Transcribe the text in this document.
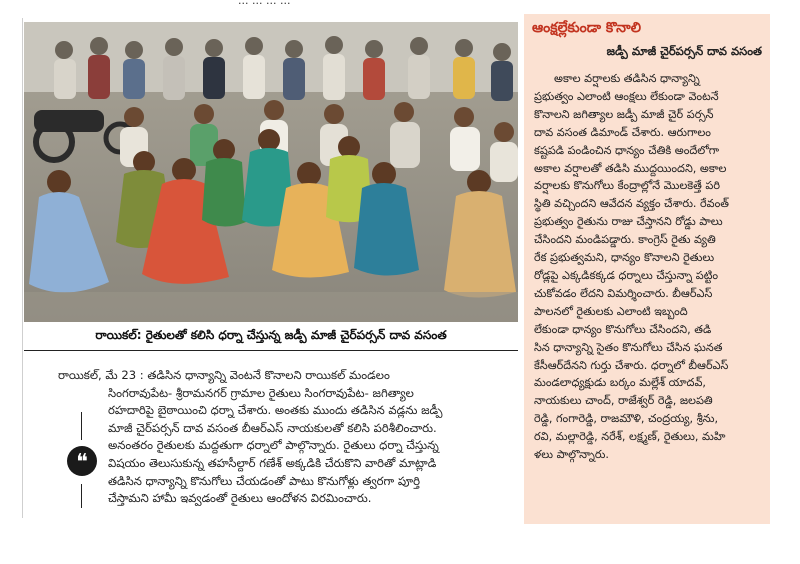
రాయికల్: రైతులతో కలిసి ధర్నా చేస్తున్న జడ్పీ మాజీ చైర్‌పర్సన్ దావ వసంత
❝

రాయికల్, మే 23 : తడిసిన ధాన్యాన్ని వెంటనే కొనాలని రాయికల్ మండలం

సింగరావుపేట- శ్రీరామనగర్ గ్రామాల రైతులు సింగరావుపేట- జగిత్యాల

రహదారిపై బైఠాయించి ధర్నా చేశారు. అంతకు ముందు తడిసిన వడ్లను జడ్పీ

మాజీ చైర్‌పర్సన్ దావ వసంత బీఆర్‌ఎస్ నాయకులతో కలిసి పరిశీలించారు.

అనంతరం రైతులకు మద్దతుగా ధర్నాలో పాల్గొన్నారు. రైతులు ధర్నా చేస్తున్న

విషయం తెలుసుకున్న తహసీల్దార్ గణేశ్ అక్కడికి చేరుకొని వారితో మాట్లాడి

తడిసిన ధాన్యాన్ని కొనుగోలు చేయడంతో పాటు కొనుగోళ్లు త్వరగా పూర్తి

చేస్తామని హామీ ఇవ్వడంతో రైతులు ఆందోళన విరమించారు.

ఆంక్షల్లేకుండా కొనాలి
జడ్పీ మాజీ చైర్‌పర్సన్ దావ వసంత

అకాల వర్షాలకు తడిసిన ధాన్యాన్ని

ప్రభుత్వం ఎలాంటి ఆంక్షలు లేకుండా వెంటనే

కొనాలని జగిత్యాల జడ్పీ మాజీ చైర్ పర్సన్

దావ వసంత డిమాండ్ చేశారు. ఆరుగాలం

కష్టపడి పండించిన ధాన్యం చేతికి అందేలోగా

అకాల వర్షాలతో తడిసి ముద్దయిందని, అకాల

వర్షాలకు కొనుగోలు కేంద్రాల్లోనే మొలకెత్తే పరి

స్థితి వచ్చిందని ఆవేదన వ్యక్తం చేశారు. రేవంత్

ప్రభుత్వం రైతును రాజు చేస్తానని రోడ్డు పాలు

చేసిందని మండిపడ్డారు. కాంగ్రెస్ రైతు వ్యతి

రేక ప్రభుత్వమని, ధాన్యం కొనాలని రైతులు

రోడ్లపై ఎక్కడికక్కడ ధర్నాలు చేస్తున్నా పట్టిం

చుకోవడం లేదని విమర్శించారు. బీఆర్‌ఎస్

పాలనలో రైతులకు ఎలాంటి ఇబ్బంది

లేకుండా ధాన్యం కొనుగోలు చేసిందని, తడి

సిన ధాన్యాన్ని సైతం కొనుగోలు చేసిన ఘనత

కేసీఆర్‌దేనని గుర్తు చేశారు. ధర్నాలో బీఆర్‌ఎస్

మండలాధ్యక్షుడు బర్కం మల్లేశ్ యాదవ్,

నాయకులు చాంద్, రాజేశ్వర్ రెడ్డి, జలపతి

రెడ్డి, గంగారెడ్డి, రాజమౌళి, చంద్రయ్య, శ్రీను,

రవి, మల్లారెడ్డి, నరేశ్, లక్ష్మణ్, రైతులు, మహి

ళలు పాల్గొన్నారు.
